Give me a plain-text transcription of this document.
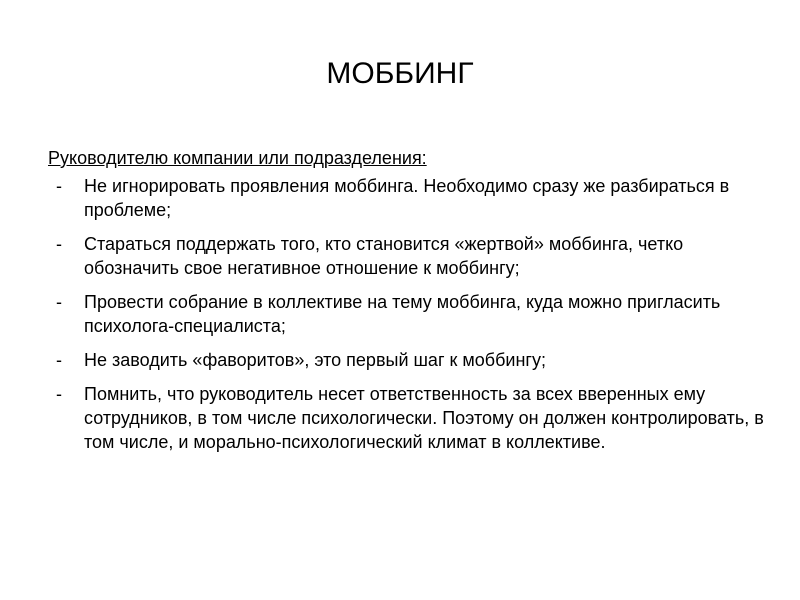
МОББИНГ

Руководителю компании или подразделения:

- Не игнорировать проявления моббинга. Необходимо сразу же разбираться в проблеме;
- Стараться поддержать того, кто становится «жертвой» моббинга, четко обозначить свое негативное отношение к моббингу;
- Провести собрание в коллективе на тему моббинга, куда можно пригласить психолога-специалиста;
- Не заводить «фаворитов», это первый шаг к моббингу;
- Помнить, что руководитель несет ответственность за всех вверенных ему сотрудников, в том числе психологически. Поэтому он должен контролировать, в том числе, и морально-психологический климат в коллективе.
